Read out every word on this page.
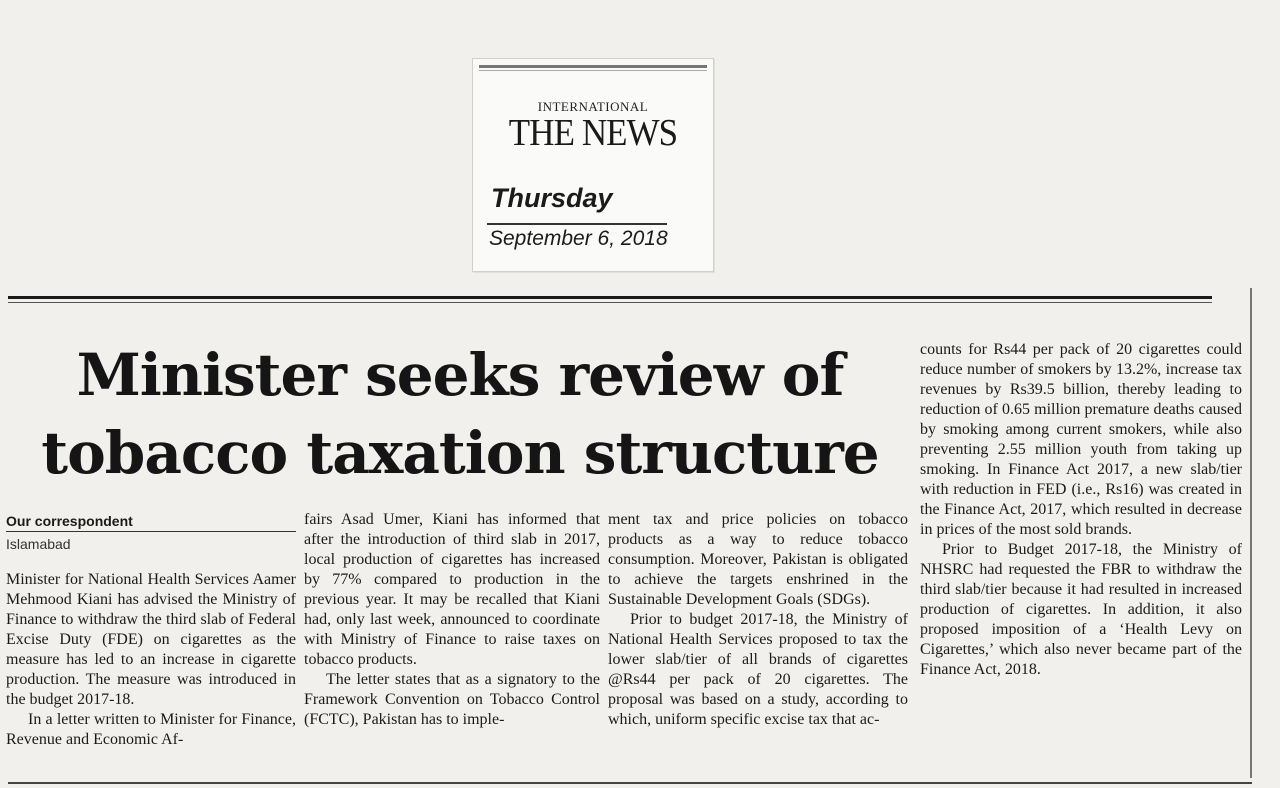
INTERNATIONAL
THE NEWS
Thursday
September 6, 2018
Minister seeks review of
tobacco taxation structure
Our correspondent
Islamabad

Minister for National Health Services Aamer Mehmood Kiani has advised the Ministry of Finance to withdraw the third slab of Federal Excise Duty (FDE) on cigarettes as the measure has led to an increase in cigarette production. The measure was introduced in the budget 2017-18.

In a letter written to Minister for Finance, Revenue and Economic Af-

fairs Asad Umer, Kiani has informed that after the introduction of third slab in 2017, local production of cigarettes has increased by 77% compared to production in the previous year. It may be recalled that Kiani had, only last week, announced to coordinate with Ministry of Finance to raise taxes on tobacco products.

The letter states that as a signatory to the Framework Convention on Tobacco Control (FCTC), Pakistan has to imple-

ment tax and price policies on tobacco products as a way to reduce tobacco consumption. Moreover, Pakistan is obligated to achieve the targets enshrined in the Sustainable Development Goals (SDGs).

Prior to budget 2017-18, the Ministry of National Health Services proposed to tax the lower slab/tier of all brands of cigarettes @Rs44 per pack of 20 cigarettes. The proposal was based on a study, according to which, uniform specific excise tax that ac-

counts for Rs44 per pack of 20 cigarettes could reduce number of smokers by 13.2%, increase tax revenues by Rs39.5 billion, thereby leading to reduction of 0.65 million premature deaths caused by smoking among current smokers, while also preventing 2.55 million youth from taking up smoking. In Finance Act 2017, a new slab/tier with reduction in FED (i.e., Rs16) was created in the Finance Act, 2017, which resulted in decrease in prices of the most sold brands.

Prior to Budget 2017-18, the Ministry of NHSRC had requested the FBR to withdraw the third slab/tier because it had resulted in increased production of cigarettes. In addition, it also proposed imposition of a ‘Health Levy on Cigarettes,’ which also never became part of the Finance Act, 2018.
